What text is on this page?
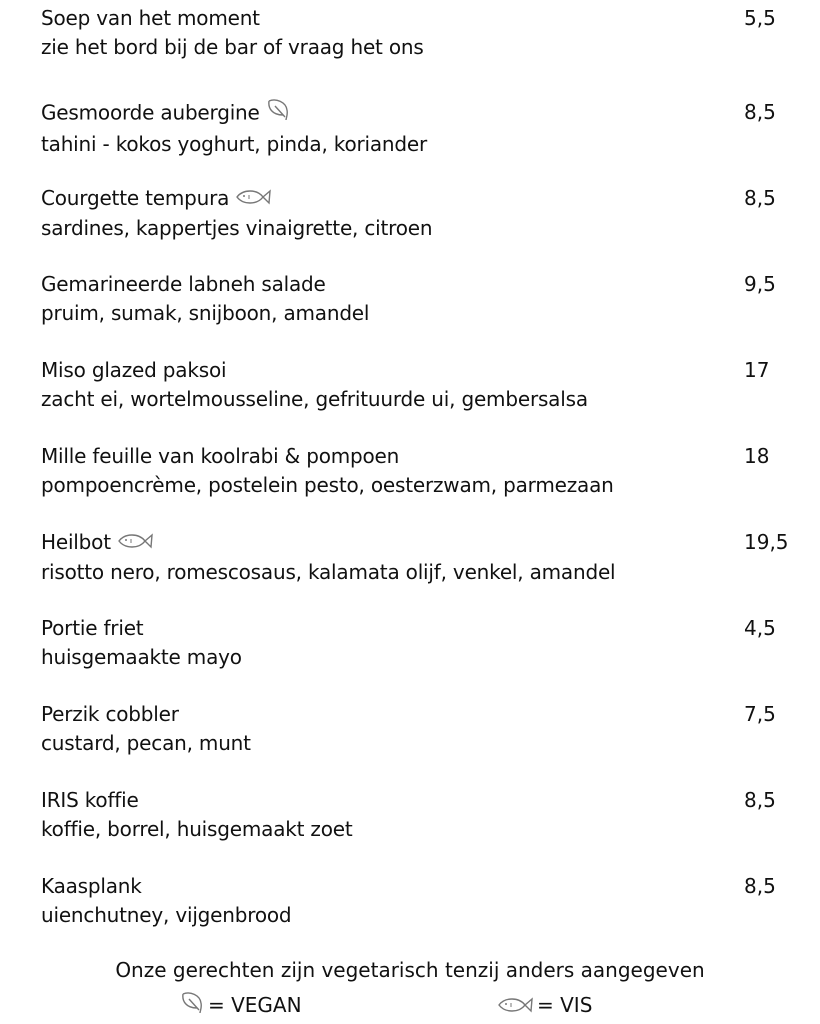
Soep van het moment
zie het bord bij de bar of vraag het ons
5,5
Gesmoorde aubergine
tahini - kokos yoghurt, pinda, koriander
8,5
Courgette tempura
sardines, kappertjes vinaigrette, citroen
8,5
Gemarineerde labneh salade
pruim, sumak, snijboon, amandel
9,5
Miso glazed paksoi
zacht ei, wortelmousseline, gefrituurde ui, gembersalsa
17
Mille feuille van koolrabi & pompoen
pompoencrème, postelein pesto, oesterzwam, parmezaan
18
Heilbot
risotto nero, romescosaus, kalamata olijf, venkel, amandel
19,5
Portie friet
huisgemaakte mayo
4,5
Perzik cobbler
custard, pecan, munt
7,5
IRIS koffie
koffie, borrel, huisgemaakt zoet
8,5
Kaasplank
uienchutney, vijgenbrood
8,5
Onze gerechten zijn vegetarisch tenzij anders aangegeven
= VEGAN	= VIS
